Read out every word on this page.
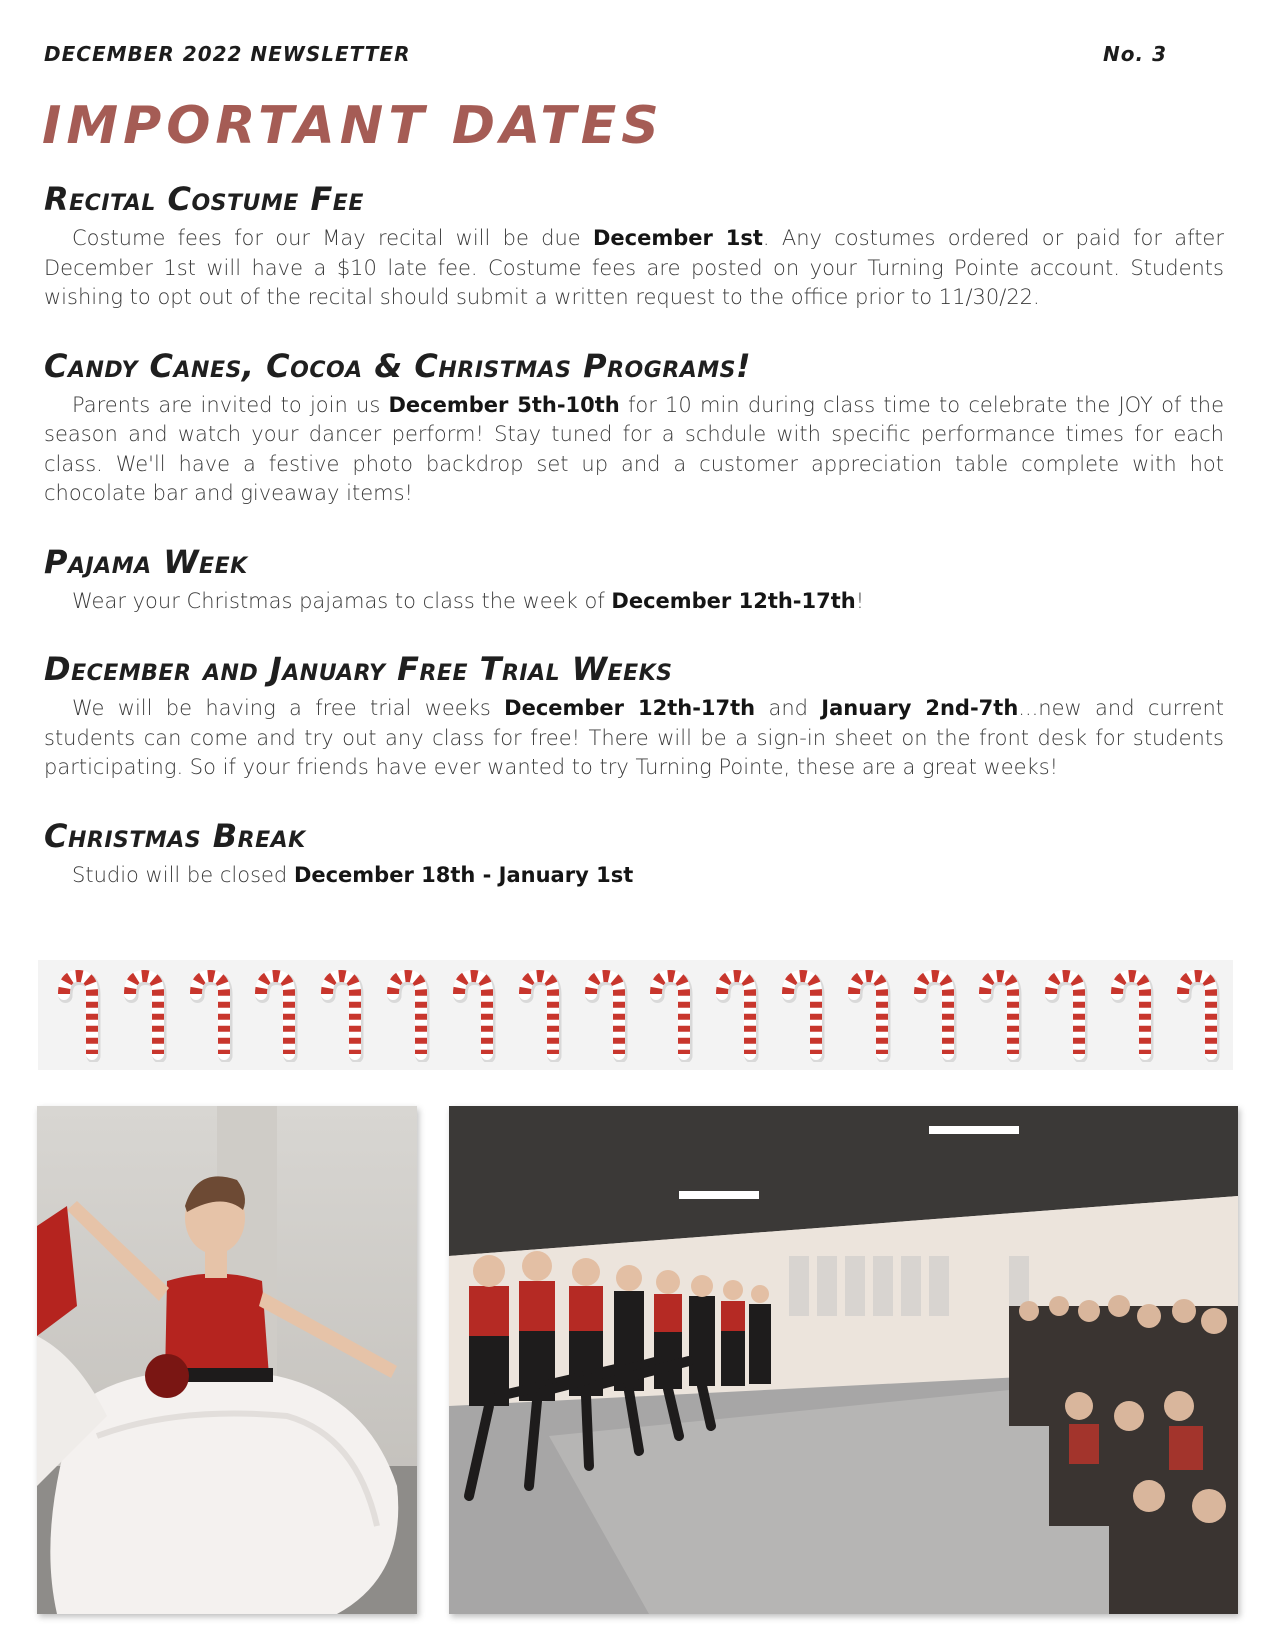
DECEMBER 2022 NEWSLETTER	No. 3
IMPORTANT DATES
Recital Costume Fee

Costume fees for our May recital will be due December 1st. Any costumes ordered or paid for after December 1st will have a $10 late fee. Costume fees are posted on your Turning Pointe account. Students wishing to opt out of the recital should submit a written request to the office prior to 11/30/22.

Candy Canes, Cocoa & Christmas Programs!

Parents are invited to join us December 5th-10th for 10 min during class time to celebrate the JOY of the season and watch your dancer perform! Stay tuned for a schdule with specific performance times for each class. We'll have a festive photo backdrop set up and a customer appreciation table complete with hot chocolate bar and giveaway items!

Pajama Week

Wear your Christmas pajamas to class the week of December 12th-17th!

December and January Free Trial Weeks

We will be having a free trial weeks December 12th-17th and January 2nd-7th...new and current students can come and try out any class for free! There will be a sign-in sheet on the front desk for students participating. So if your friends have ever wanted to try Turning Pointe, these are a great weeks!

Christmas Break

Studio will be closed December 18th - January 1st
